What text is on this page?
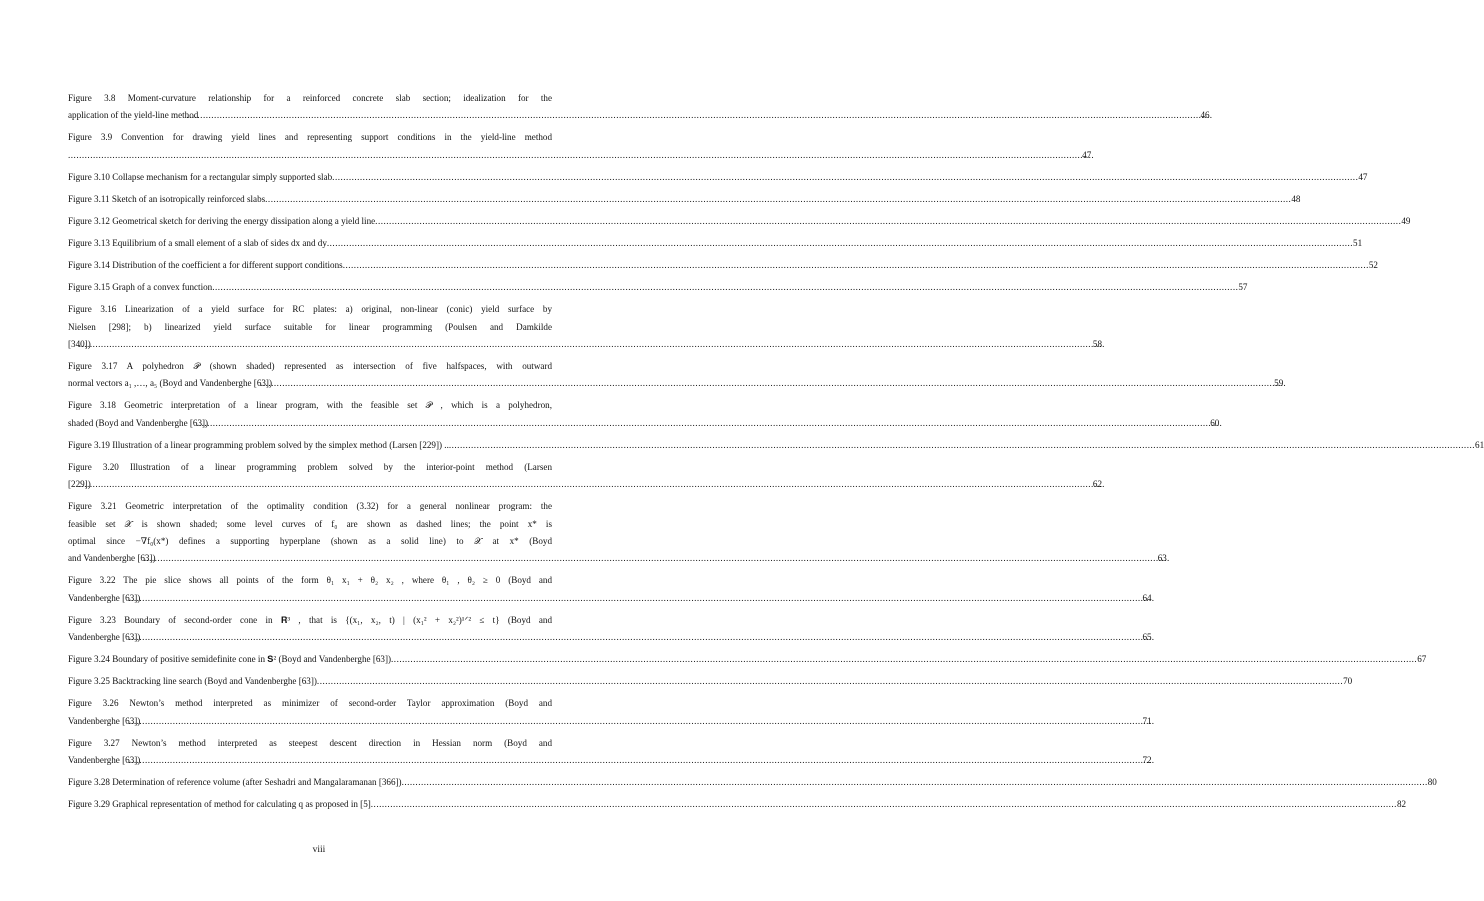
Figure 3.8 Moment-curvature relationship for a reinforced concrete slab section; idealization for the
application of the yield-line method .....	46
Figure 3.9 Convention for drawing yield lines and representing support conditions in the yield-line method
.....
47
Figure 3.10 Collapse mechanism for a rectangular simply supported slab .....	47
Figure 3.11 Sketch of an isotropically reinforced slabs .....	48
Figure 3.12 Geometrical sketch for deriving the energy dissipation along a yield line .....	49
Figure 3.13 Equilibrium of a small element of a slab of sides dx and dy .....	51
Figure 3.14 Distribution of the coefficient a for different support conditions .....	52
Figure 3.15 Graph of a convex function .....	57
Figure 3.16 Linearization of a yield surface for RC plates: a) original, non-linear (conic) yield surface by
Nielsen [298]; b) linearized yield surface suitable for linear programming (Poulsen and Damkilde
[340]) .....	58
Figure 3.17 A polyhedron 𝒫 (shown shaded) represented as intersection of five halfspaces, with outward
normal vectors a₁ ,…, a₅ (Boyd and Vandenberghe [63]) .....	59
Figure 3.18 Geometric interpretation of a linear program, with the feasible set 𝒫 , which is a polyhedron,
shaded (Boyd and Vandenberghe [63]) .....	60
Figure 3.19 Illustration of a linear programming problem solved by the simplex method (Larsen [229]) .. .....	61
Figure 3.20 Illustration of a linear programming problem solved by the interior-point method (Larsen
[229]) .....	62
Figure 3.21 Geometric interpretation of the optimality condition (3.32) for a general nonlinear program: the
feasible set 𝒳 is shown shaded; some level curves of f₀ are shown as dashed lines; the point x* is
optimal since −∇f₀(x*) defines a supporting hyperplane (shown as a solid line) to 𝒳 at x* (Boyd
and Vandenberghe [63]) .....	63
Figure 3.22 The pie slice shows all points of the form θ₁ x₁ + θ₂ x₂ , where θ₁ , θ₂ ≥ 0 (Boyd and
Vandenberghe [63]) .....	64
Figure 3.23 Boundary of second-order cone in 𝐑³ , that is {(x₁, x₂, t) | (x₁² + x₂²)¹ᐟ² ≤ t} (Boyd and
Vandenberghe [63]) .....	65
Figure 3.24 Boundary of positive semidefinite cone in 𝐒² (Boyd and Vandenberghe [63]) .....	67
Figure 3.25 Backtracking line search (Boyd and Vandenberghe [63]) .....	70
Figure 3.26 Newton’s method interpreted as minimizer of second-order Taylor approximation (Boyd and
Vandenberghe [63]) .....	71
Figure 3.27 Newton’s method interpreted as steepest descent direction in Hessian norm (Boyd and
Vandenberghe [63]) .....	72
Figure 3.28 Determination of reference volume (after Seshadri and Mangalaramanan [366]) .....	80
Figure 3.29 Graphical representation of method for calculating q as proposed in [5] .....	82
viii
